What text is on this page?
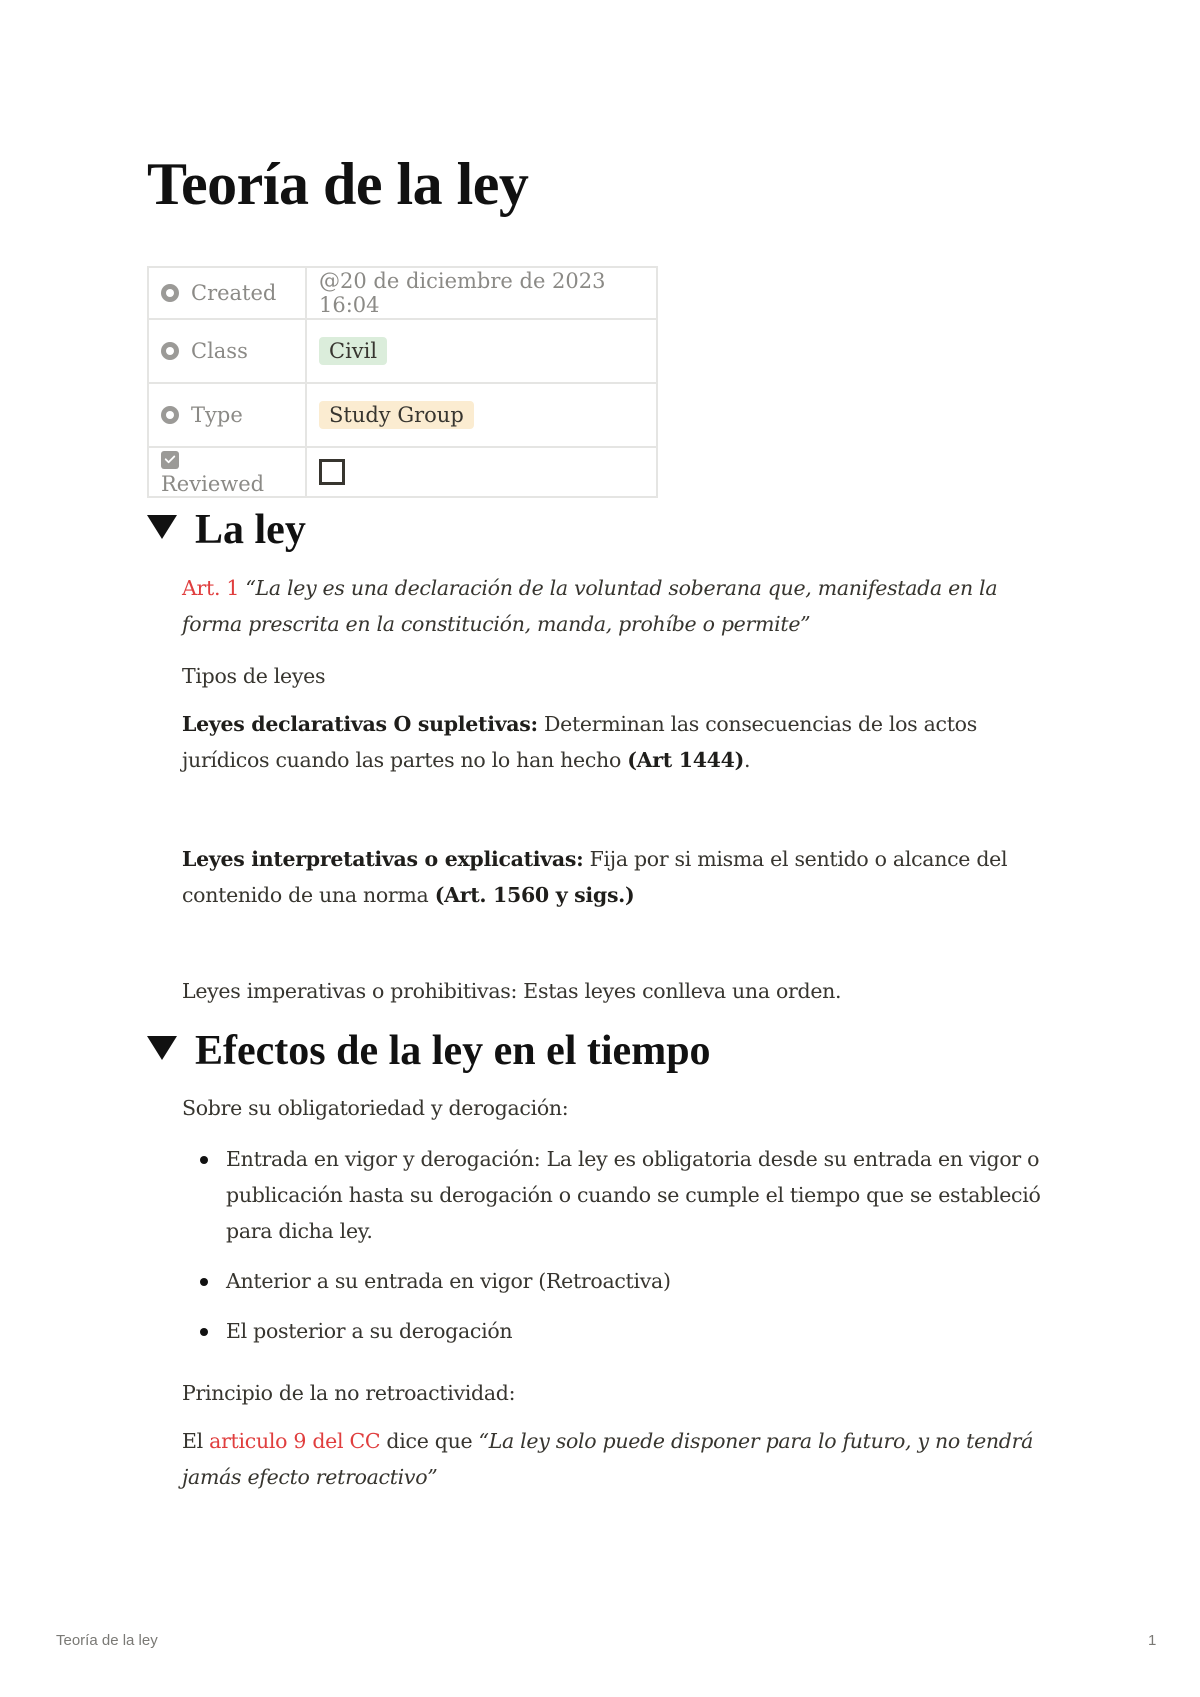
Teoría de la ley
Created	@20 de diciembre de 2023 16:04
Class	Civil
Type	Study Group
Reviewed	
La ley

Art. 1 “La ley es una declaración de la voluntad soberana que, manifestada en la forma prescrita en la constitución, manda, prohíbe o permite”

Tipos de leyes

Leyes declarativas O supletivas: Determinan las consecuencias de los actos jurídicos cuando las partes no lo han hecho (Art 1444).

Leyes interpretativas o explicativas: Fija por si misma el sentido o alcance del contenido de una norma (Art. 1560 y sigs.)

Leyes imperativas o prohibitivas: Estas leyes conlleva una orden.

Efectos de la ley en el tiempo

Sobre su obligatoriedad y derogación:

Entrada en vigor y derogación: La ley es obligatoria desde su entrada en vigor o publicación hasta su derogación o cuando se cumple el tiempo que se estableció para dicha ley.
Anterior a su entrada en vigor (Retroactiva)
El posterior a su derogación

Principio de la no retroactividad:

El articulo 9 del CC dice que “La ley solo puede disponer para lo futuro, y no tendrá jamás efecto retroactivo”

Teoría de la ley	1
